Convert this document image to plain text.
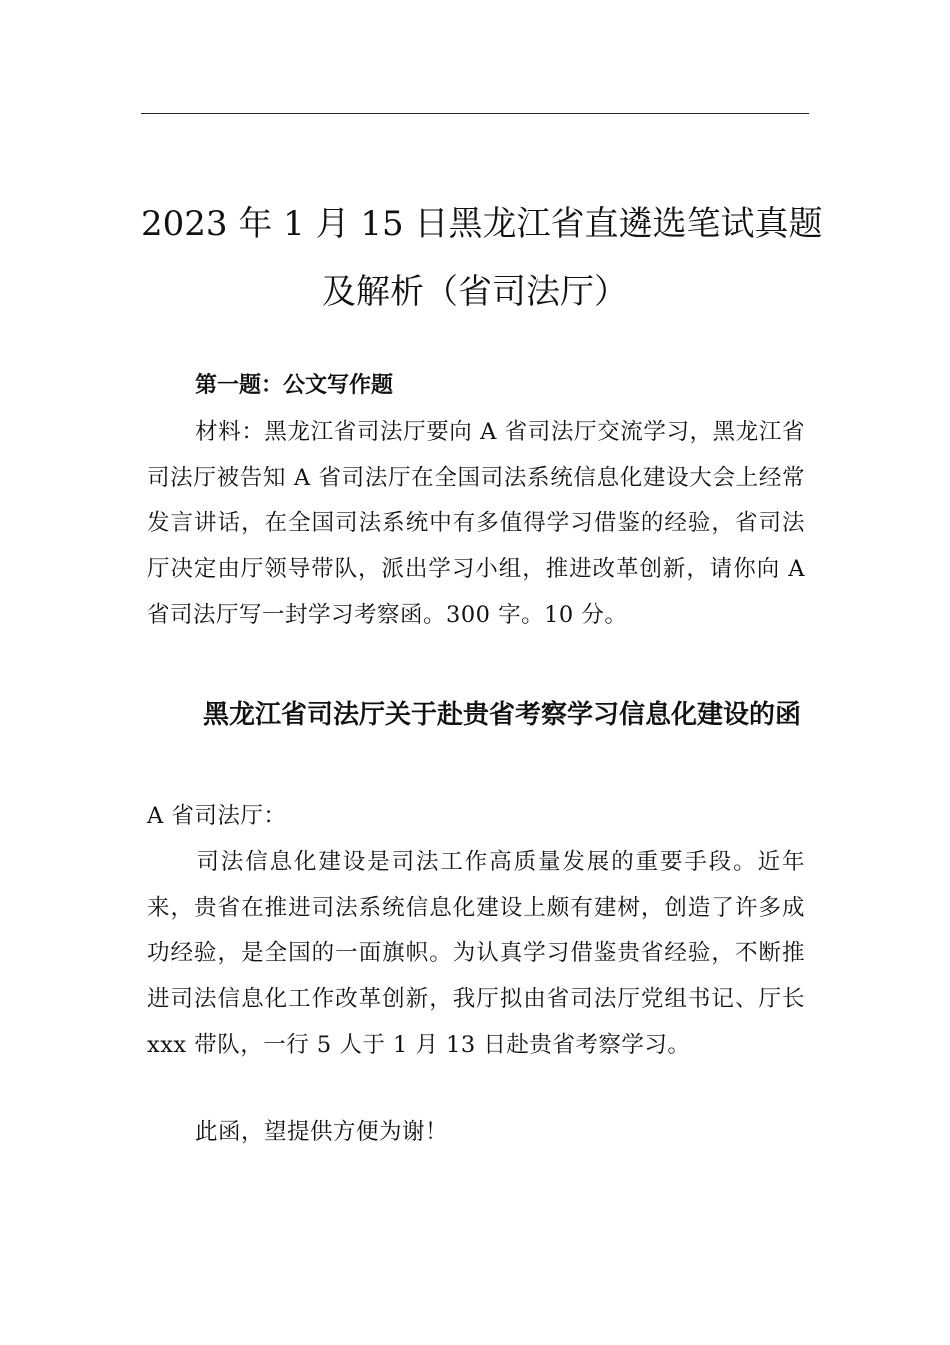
2023 年 1 月 15 日黑龙江省直遴选笔试真题
及解析（省司法厅）

第一题：公文写作题

材料：黑龙江省司法厅要向 A 省司法厅交流学习，黑龙江省司法厅被告知 A 省司法厅在全国司法系统信息化建设大会上经常发言讲话，在全国司法系统中有多值得学习借鉴的经验，省司法厅决定由厅领导带队，派出学习小组，推进改革创新，请你向 A 省司法厅写一封学习考察函。300 字。10 分。

黑龙江省司法厅关于赴贵省考察学习信息化建设的函

A 省司法厅：

司法信息化建设是司法工作高质量发展的重要手段。近年来，贵省在推进司法系统信息化建设上颇有建树，创造了许多成功经验，是全国的一面旗帜。为认真学习借鉴贵省经验，不断推进司法信息化工作改革创新，我厅拟由省司法厅党组书记、厅长 xxx 带队，一行 5 人于 1 月 13 日赴贵省考察学习。

此函，望提供方便为谢！
